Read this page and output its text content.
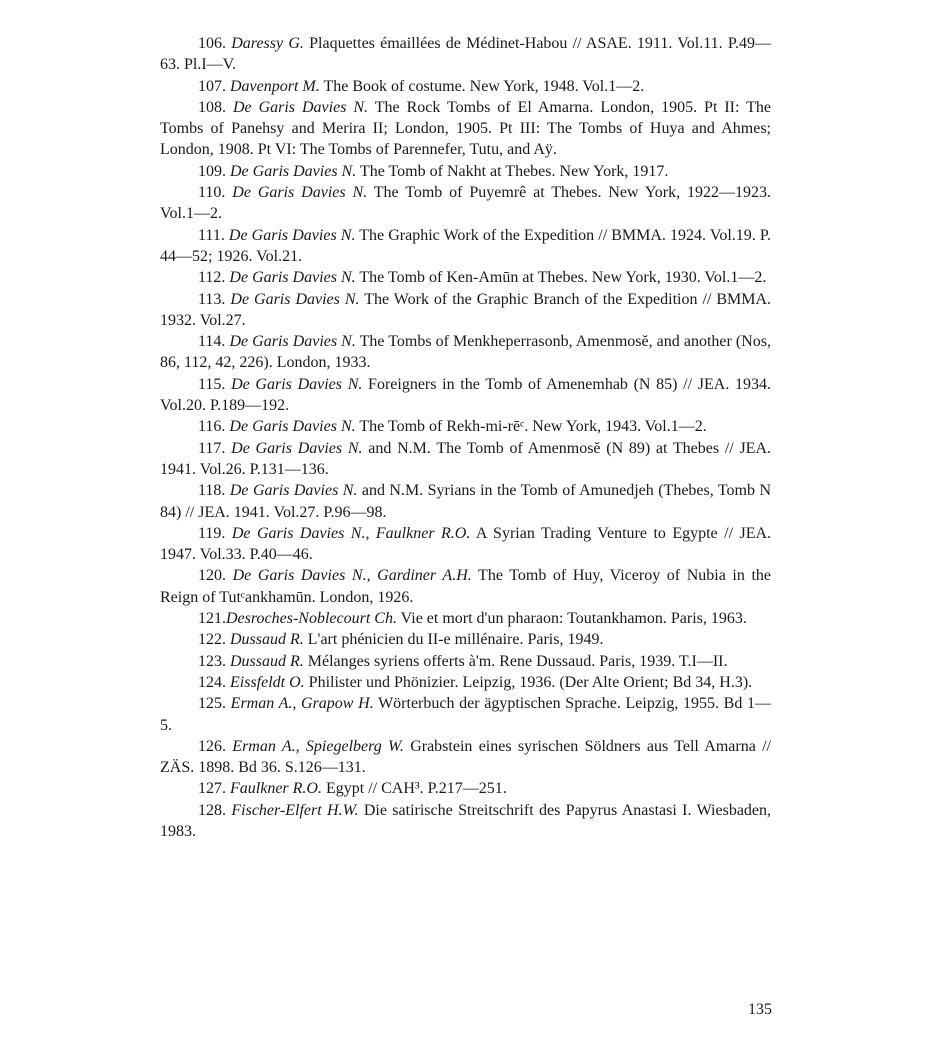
106. Daressy G. Plaquettes émaillées de Médinet-Habou // ASAE. 1911. Vol.11. P.49—63. Pl.I—V.

107. Davenport M. The Book of costume. New York, 1948. Vol.1—2.

108. De Garis Davies N. The Rock Tombs of El Amarna. London, 1905. Pt II: The Tombs of Panehsy and Merira II; London, 1905. Pt III: The Tombs of Huya and Ahmes; London, 1908. Pt VI: The Tombs of Parennefer, Tutu, and Aÿ.

109. De Garis Davies N. The Tomb of Nakht at Thebes. New York, 1917.

110. De Garis Davies N. The Tomb of Puyemrê at Thebes. New York, 1922—1923. Vol.1—2.

111. De Garis Davies N. The Graphic Work of the Expedition // BMMA. 1924. Vol.19. P. 44—52; 1926. Vol.21.

112. De Garis Davies N. The Tomb of Ken-Amūn at Thebes. New York, 1930. Vol.1—2.

113. De Garis Davies N. The Work of the Graphic Branch of the Expedition // BMMA. 1932. Vol.27.

114. De Garis Davies N. The Tombs of Menkheperrasonb, Amenmosĕ, and another (Nos, 86, 112, 42, 226). London, 1933.

115. De Garis Davies N. Foreigners in the Tomb of Amenemhab (N 85) // JEA. 1934. Vol.20. P.189—192.

116. De Garis Davies N. The Tomb of Rekh-mi-rēᶜ. New York, 1943. Vol.1—2.

117. De Garis Davies N. and N.M. The Tomb of Amenmosĕ (N 89) at Thebes // JEA. 1941. Vol.26. P.131—136.

118. De Garis Davies N. and N.M. Syrians in the Tomb of Amunedjeh (Thebes, Tomb N 84) // JEA. 1941. Vol.27. P.96—98.

119. De Garis Davies N., Faulkner R.O. A Syrian Trading Venture to Egypte // JEA. 1947. Vol.33. P.40—46.

120. De Garis Davies N., Gardiner A.H. The Tomb of Huy, Viceroy of Nubia in the Reign of Tutᶜankhamūn. London, 1926.

121.Desroches-Noblecourt Ch. Vie et mort d'un pharaon: Toutankhamon. Paris, 1963.

122. Dussaud R. L'art phénicien du II-e millénaire. Paris, 1949.

123. Dussaud R. Mélanges syriens offerts à'm. Rene Dussaud. Paris, 1939. T.I—II.

124. Eissfeldt O. Philister und Phönizier. Leipzig, 1936. (Der Alte Orient; Bd 34, H.3).

125. Erman A., Grapow H. Wörterbuch der ägyptischen Sprache. Leipzig, 1955. Bd 1—5.

126. Erman A., Spiegelberg W. Grabstein eines syrischen Söldners aus Tell Amarna // ZÄS. 1898. Bd 36. S.126—131.

127. Faulkner R.O. Egypt // CAH³. P.217—251.

128. Fischer-Elfert H.W. Die satirische Streitschrift des Papyrus Anastasi I. Wiesbaden, 1983.

135
